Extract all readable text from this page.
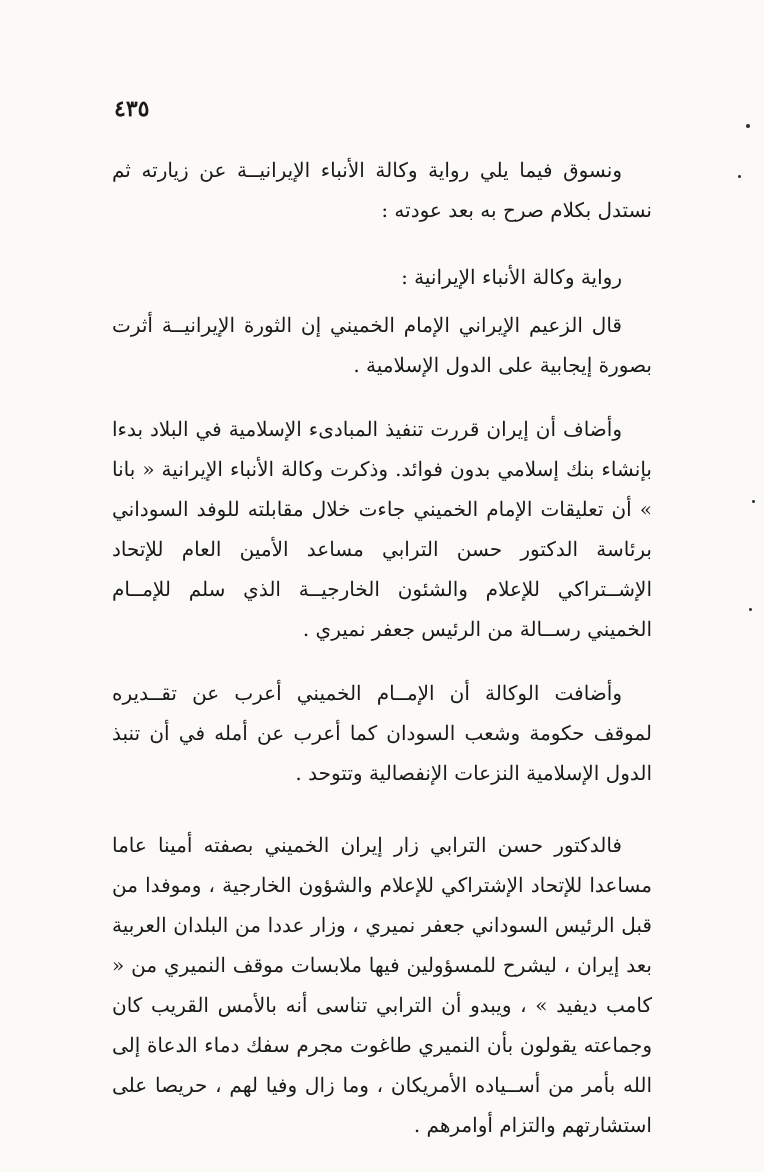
٤٣٥

ونسوق فيما يلي رواية وكالة الأنباء الإيرانيــة عن زيارته ثم نستدل بكلام صرح به بعد عودته :

رواية وكالة الأنباء الإيرانية :

قال الزعيم الإيراني الإمام الخميني إن الثورة الإيرانيــة أثرت بصورة إيجابية على الدول الإسلامية .

وأضاف أن إيران قررت تنفيذ المبادىء الإسلامية في البلاد بدءا بإنشاء بنك إسلامي بدون فوائد. وذكرت وكالة الأنباء الإيرانية « بانا » أن تعليقات الإمام الخميني جاءت خلال مقابلته للوفد السوداني برئاسة الدكتور حسن الترابي مساعد الأمين العام للإتحاد الإشــتراكي للإعلام والشئون الخارجيــة الذي سلم للإمــام الخميني رســالة من الرئيس جعفر نميري .

وأضافت الوكالة أن الإمــام الخميني أعرب عن تقــديره لموقف حكومة وشعب السودان كما أعرب عن أمله في أن تنبذ الدول الإسلامية النزعات الإنفصالية وتتوحد .

فالدكتور حسن الترابي زار إيران الخميني بصفته أمينا عاما مساعدا للإتحاد الإشتراكي للإعلام والشؤون الخارجية ، وموفدا من قبل الرئيس السوداني جعفر نميري ، وزار عددا من البلدان العربية بعد إيران ، ليشرح للمسؤولين فيها ملابسات موقف النميري من « كامب ديفيد » ، ويبدو أن الترابي تناسى أنه بالأمس القريب كان وجماعته يقولون بأن النميري طاغوت مجرم سفك دماء الدعاة إلى الله بأمر من أســياده الأمريكان ، وما زال وفيا لهم ، حريصا على استشارتهم والتزام أوامرهم .
